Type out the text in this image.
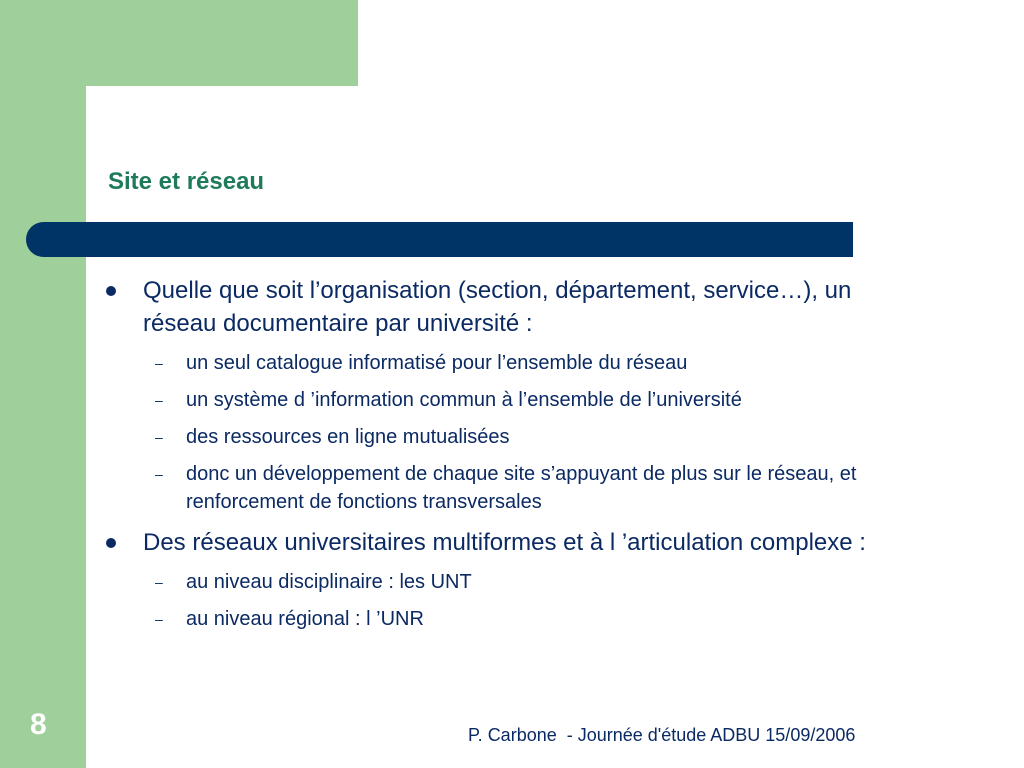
Site et réseau
Quelle que soit l’organisation (section, département, service…), un réseau documentaire par université :
– un seul catalogue informatisé pour l’ensemble du réseau
– un système d ’information commun à l’ensemble de l’université
– des ressources en ligne mutualisées
– donc un développement de chaque site s’appuyant de plus sur le réseau, et renforcement de fonctions transversales
Des réseaux universitaires multiformes et à l ’articulation complexe :
– au niveau disciplinaire : les UNT
– au niveau régional : l ’UNR
8	P. Carbone  - Journée d'étude ADBU 15/09/2006
